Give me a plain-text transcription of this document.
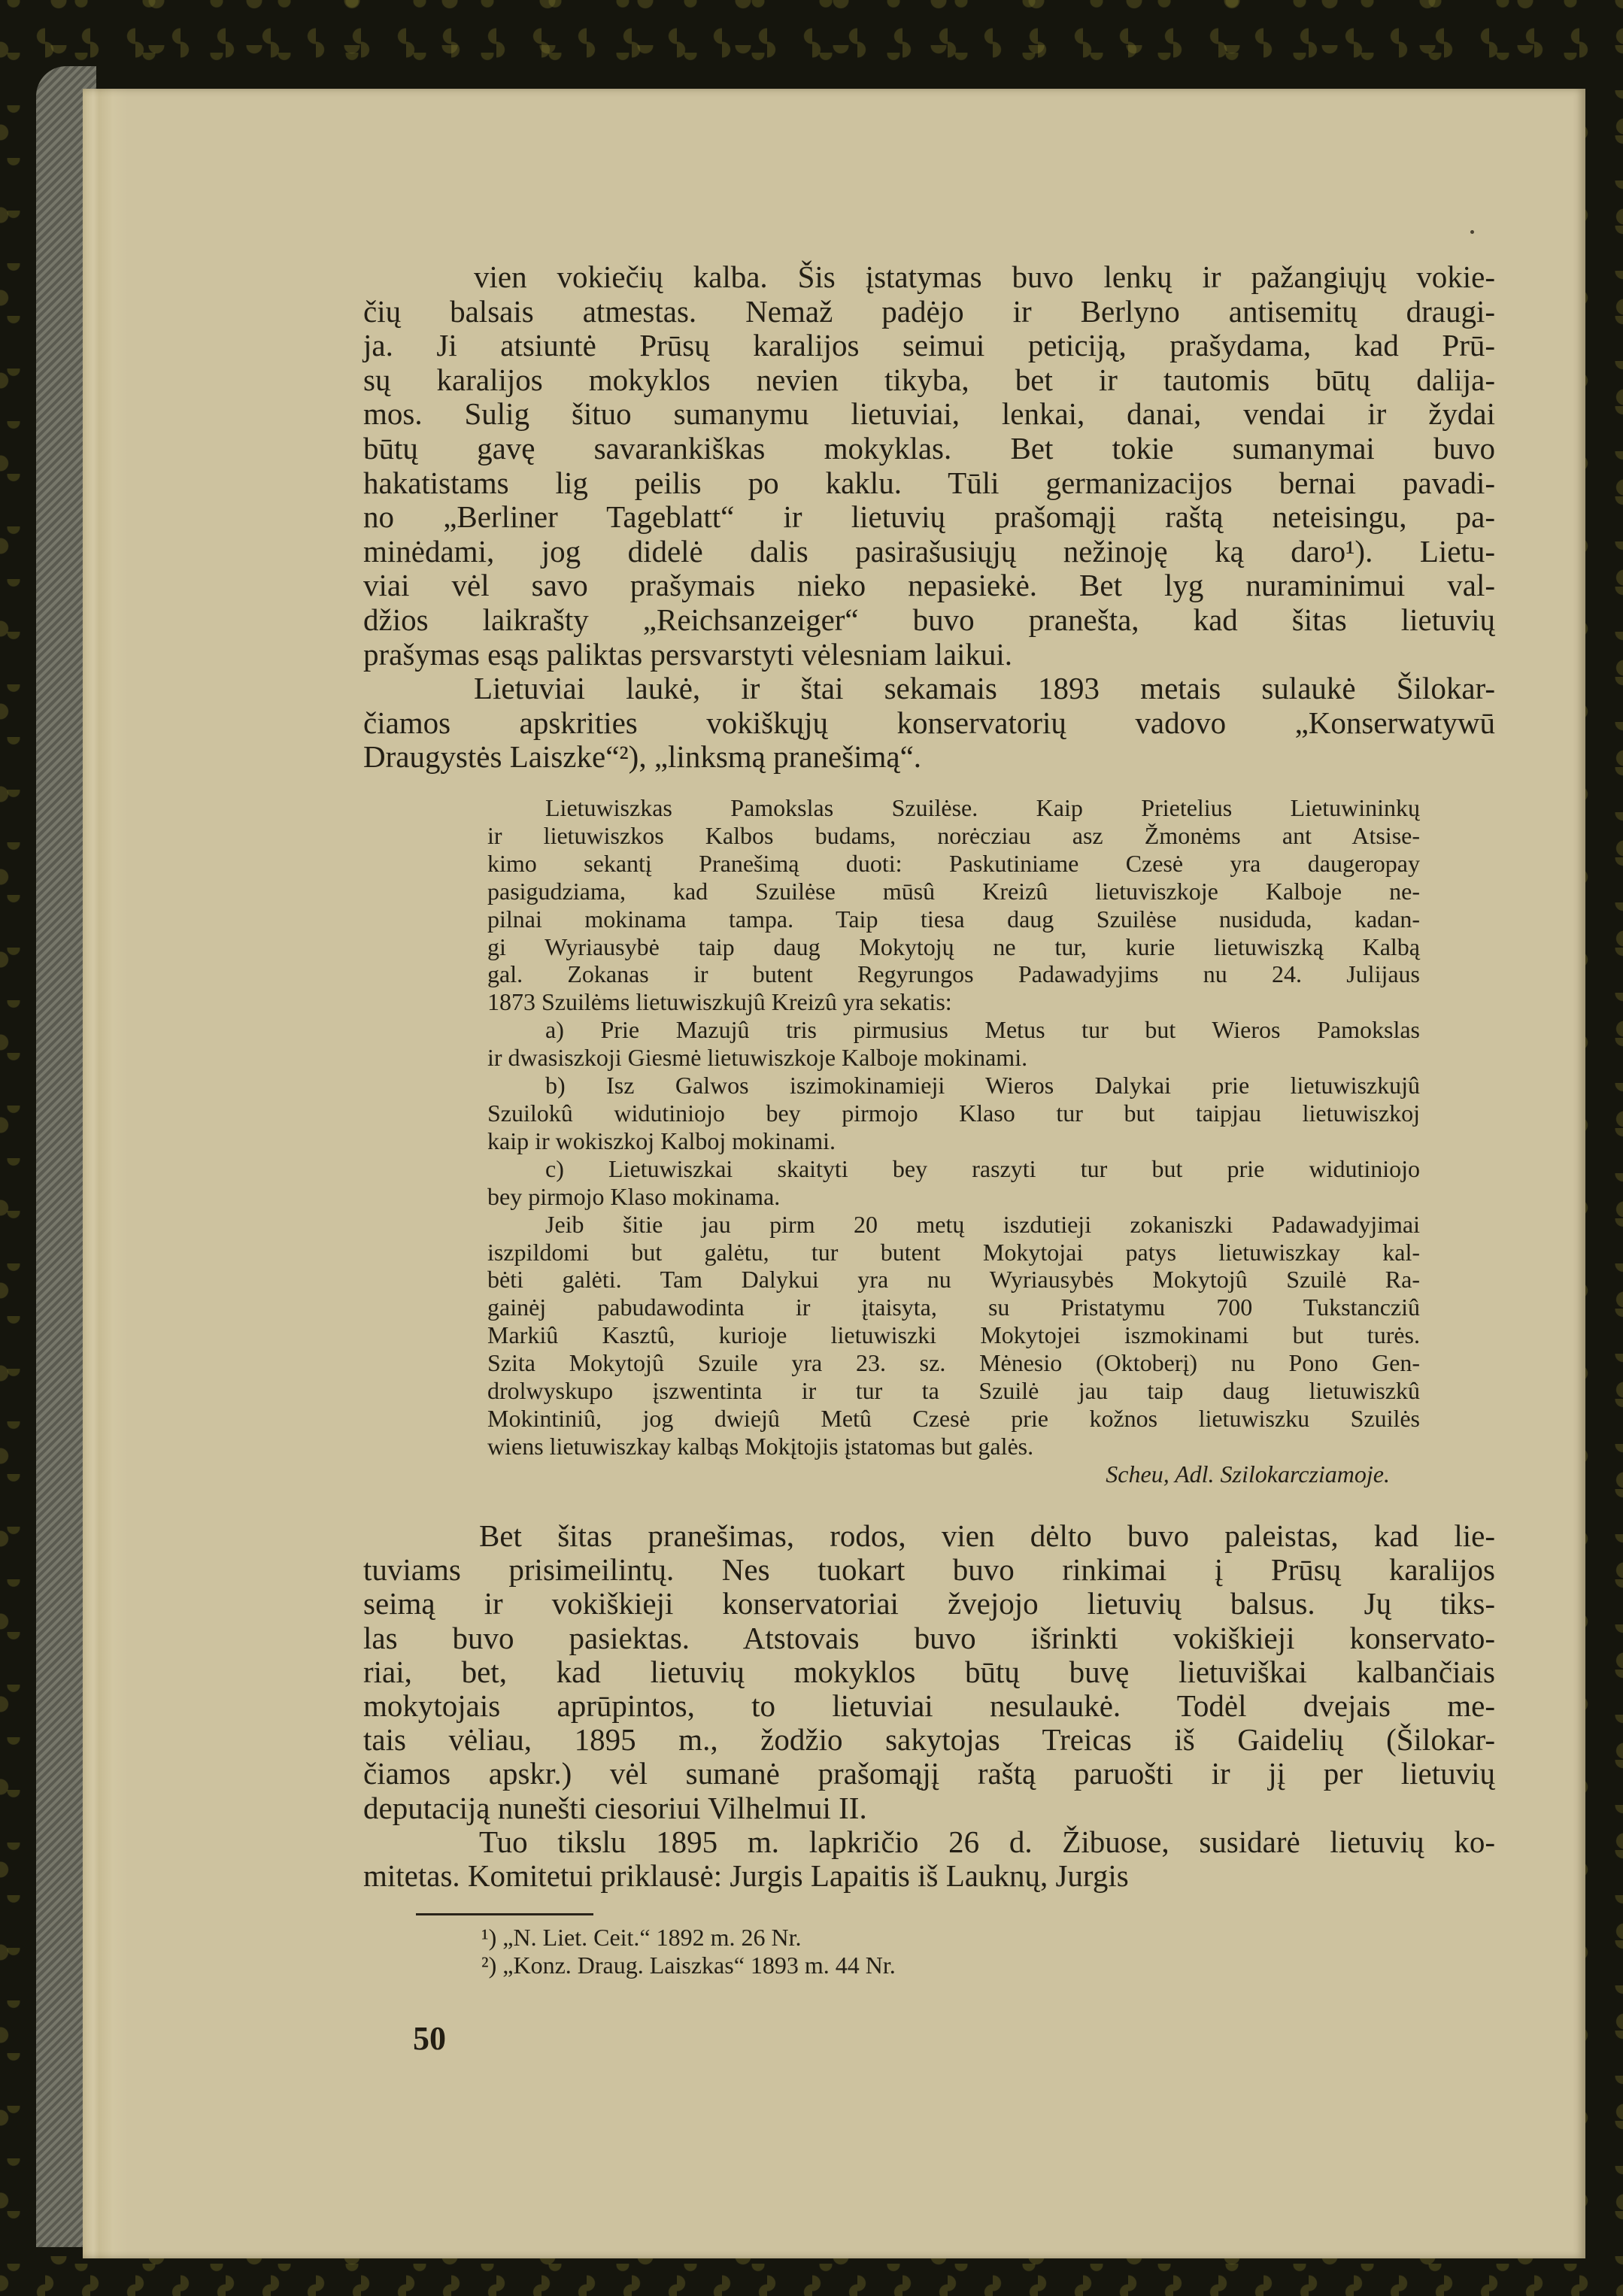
vien vokiečių kalba. Šis įstatymas buvo lenkų ir pažangiųjų vokie-
čių balsais atmestas. Nemaž padėjo ir Berlyno antisemitų draugi-
ja. Ji atsiuntė Prūsų karalijos seimui peticiją, prašydama, kad Prū-
sų karalijos mokyklos nevien tikyba, bet ir tautomis būtų dalija-
mos. Sulig šituo sumanymu lietuviai, lenkai, danai, vendai ir žydai
būtų gavę savarankiškas mokyklas. Bet tokie sumanymai buvo
hakatistams lig peilis po kaklu. Tūli germanizacijos bernai pavadi-
no „Berliner Tageblatt“ ir lietuvių prašomąjį raštą neteisingu, pa-
minėdami, jog didelė dalis pasirašusiųjų nežinoję ką daro¹). Lietu-
viai vėl savo prašymais nieko nepasiekė. Bet lyg nuraminimui val-
džios laikrašty „Reichsanzeiger“ buvo pranešta, kad šitas lietuvių
prašymas esąs paliktas persvarstyti vėlesniam laikui.
Lietuviai laukė, ir štai sekamais 1893 metais sulaukė Šilokar-
čiamos apskrities vokiškųjų konservatorių vadovo „Konserwatywū
Draugystės Laiszke“²), „linksmą pranešimą“.
Lietuwiszkas Pamokslas Szuilėse. Kaip Prietelius Lietuwininkų
ir lietuwiszkos Kalbos budams, norėcziau asz Žmonėms ant Atsise-
kimo sekantį Pranešimą duoti: Paskutiniame Czesė yra daugeropay
pasigudziama, kad Szuilėse mūsû Kreizû lietuviszkoje Kalboje ne-
pilnai mokinama tampa. Taip tiesa daug Szuilėse nusiduda, kadan-
gi Wyriausybė taip daug Mokytojų ne tur, kurie lietuwiszką Kalbą
gal. Zokanas ir butent Regyrungos Padawadyjims nu 24. Julijaus
1873 Szuilėms lietuwiszkujû Kreizû yra sekatis:
a) Prie Mazujû tris pirmusius Metus tur but Wieros Pamokslas
ir dwasiszkoji Giesmė lietuwiszkoje Kalboje mokinami.
b) Isz Galwos iszimokinamieji Wieros Dalykai prie lietuwiszkujû
Szuilokû widutiniojo bey pirmojo Klaso tur but taipjau lietuwiszkoj
kaip ir wokiszkoj Kalboj mokinami.
c) Lietuwiszkai skaityti bey raszyti tur but prie widutiniojo
bey pirmojo Klaso mokinama.
Jeib šitie jau pirm 20 metų iszdutieji zokaniszki Padawadyjimai
iszpildomi but galėtu, tur butent Mokytojai patys lietuwiszkay kal-
bėti galėti. Tam Dalykui yra nu Wyriausybės Mokytojû Szuilė Ra-
gainėj pabudawodinta ir įtaisyta, su Pristatymu 700 Tukstancziû
Markiû Kasztû, kurioje lietuwiszki Mokytojei iszmokinami but turės.
Szita Mokytojû Szuile yra 23. sz. Mėnesio (Oktoberį) nu Pono Gen-
drolwyskupo įszwentinta ir tur ta Szuilė jau taip daug lietuwiszkû
Mokintiniû, jog dwiejû Metû Czesė prie kožnos lietuwiszku Szuilės
wiens lietuwiszkay kalbąs Mokįtojis įstatomas but galės.
Scheu, Adl. Szilokarcziamoje.
Bet šitas pranešimas, rodos, vien dėlto buvo paleistas, kad lie-
tuviams prisimeilintų. Nes tuokart buvo rinkimai į Prūsų karalijos
seimą ir vokiškieji konservatoriai žvejojo lietuvių balsus. Jų tiks-
las buvo pasiektas. Atstovais buvo išrinkti vokiškieji konservato-
riai, bet, kad lietuvių mokyklos būtų buvę lietuviškai kalbančiais
mokytojais aprūpintos, to lietuviai nesulaukė. Todėl dvejais me-
tais vėliau, 1895 m., žodžio sakytojas Treicas iš Gaidelių (Šilokar-
čiamos apskr.) vėl sumanė prašomąjį raštą paruošti ir jį per lietuvių
deputaciją nunešti ciesoriui Vilhelmui II.
Tuo tikslu 1895 m. lapkričio 26 d. Žibuose, susidarė lietuvių ko-
mitetas. Komitetui priklausė: Jurgis Lapaitis iš Lauknų, Jurgis
¹) „N. Liet. Ceit.“ 1892 m. 26 Nr.
²) „Konz. Draug. Laiszkas“ 1893 m. 44 Nr.
50
